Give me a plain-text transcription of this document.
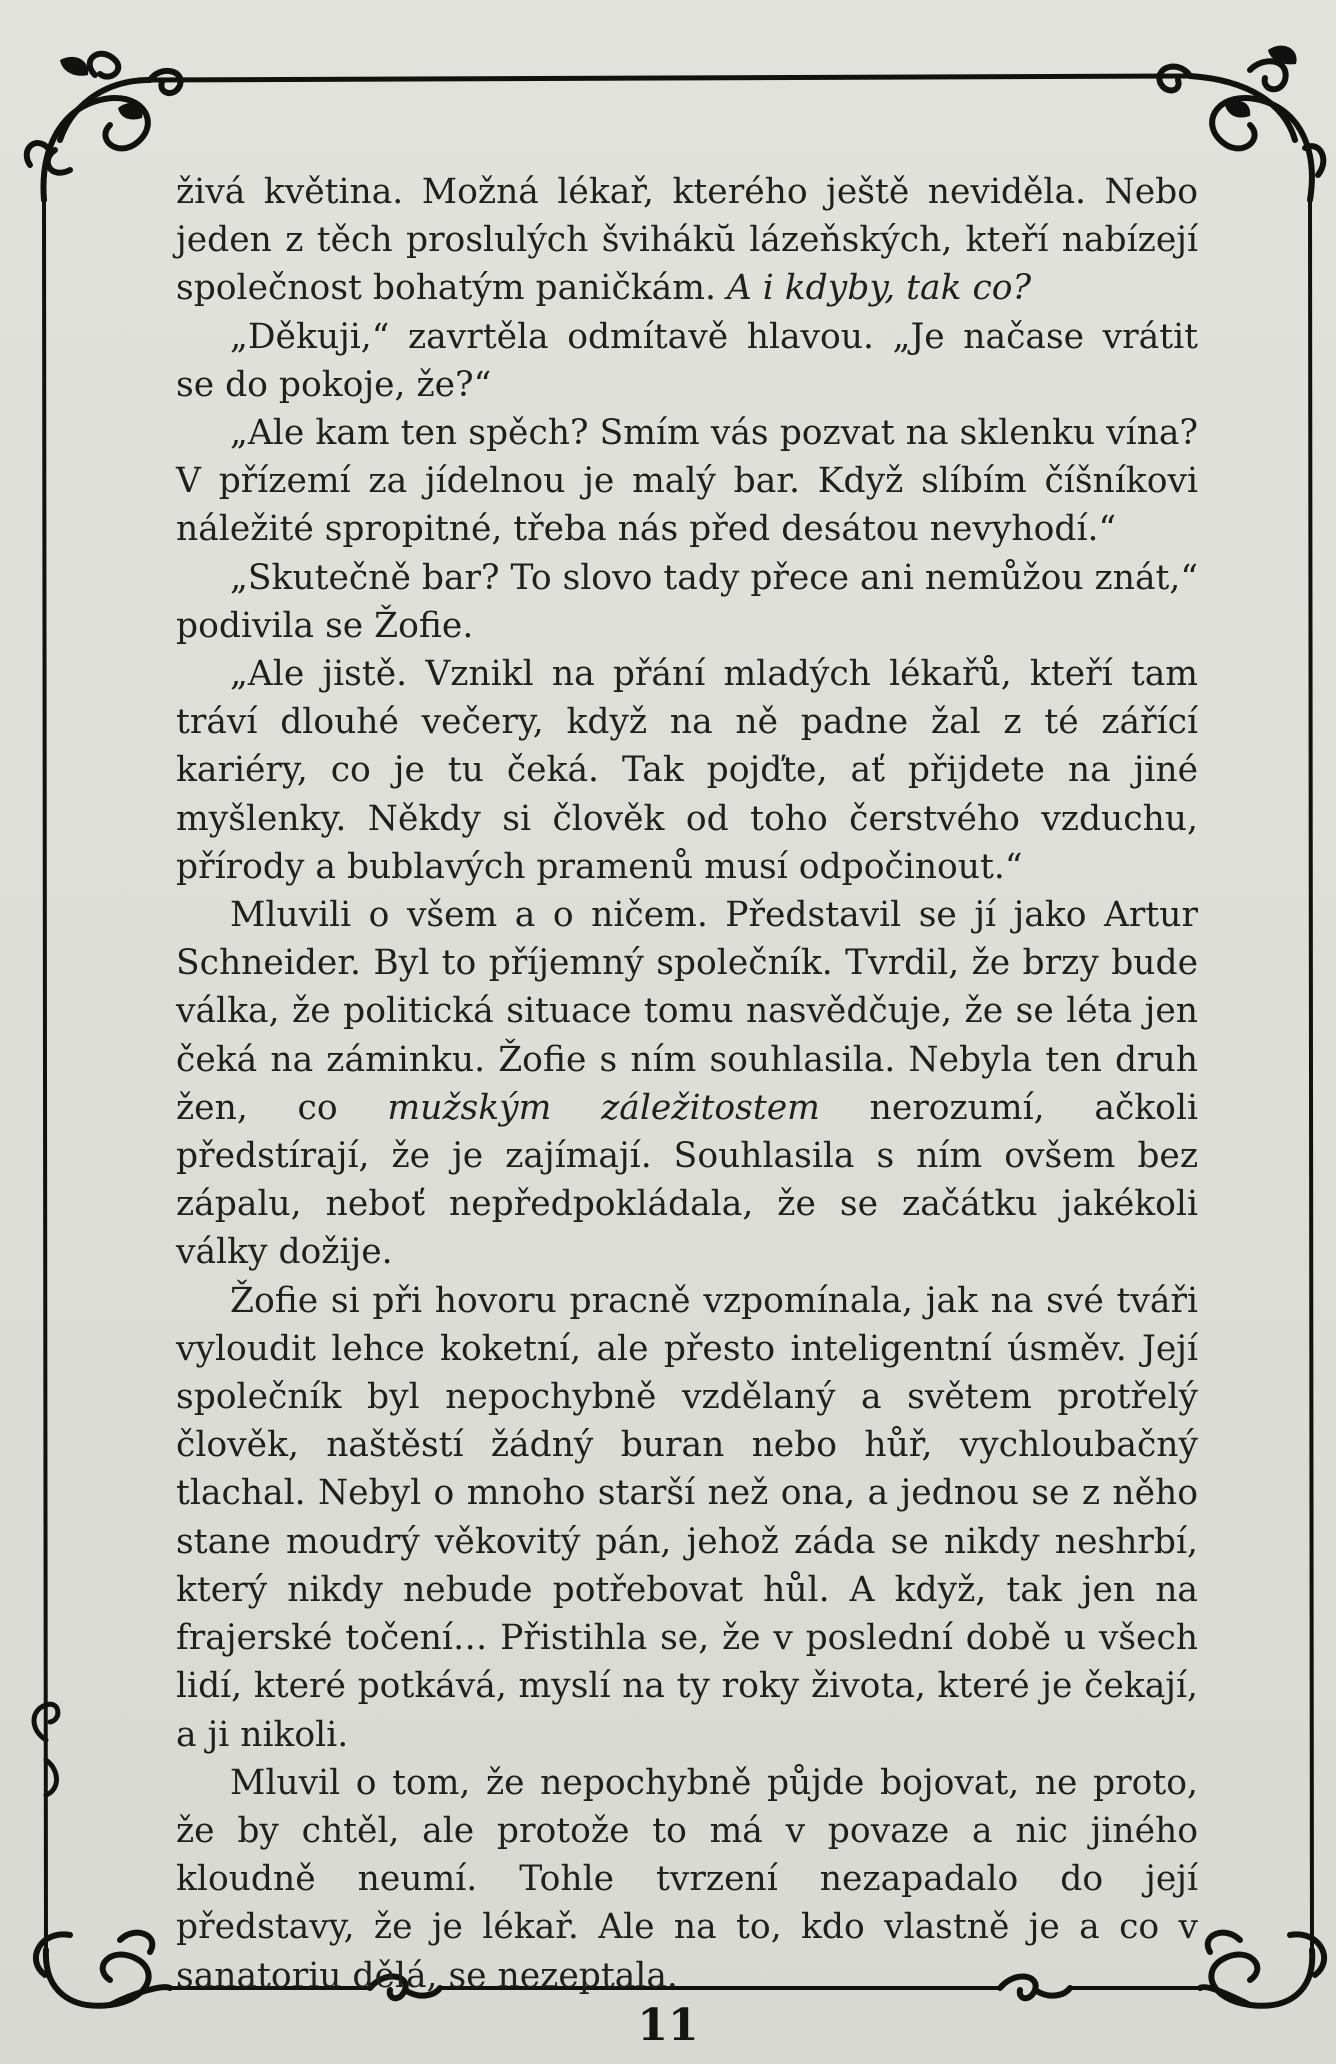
živá květina. Možná lékař, kterého ještě neviděla. Nebo jeden z těch proslulých švihákŭ lázeňských, kteří nabízejí společnost bohatým paničkám. A i kdyby, tak co?

„Děkuji,“ zavrtěla odmítavě hlavou. „Je načase vrátit se do pokoje, že?“

„Ale kam ten spěch? Smím vás pozvat na sklenku vína? V přízemí za jídelnou je malý bar. Když slíbím číšníkovi náležité spropitné, třeba nás před desátou nevyhodí.“

„Skutečně bar? To slovo tady přece ani nemůžou znát,“ podivila se Žofie.

„Ale jistě. Vznikl na přání mladých lékařů, kteří tam tráví dlouhé večery, když na ně padne žal z té zářící kariéry, co je tu čeká. Tak pojďte, ať přijdete na jiné myšlenky. Někdy si člověk od toho čerstvého vzduchu, přírody a bublavých pramenů musí odpočinout.“

Mluvili o všem a o ničem. Představil se jí jako Artur Schneider. Byl to příjemný společník. Tvrdil, že brzy bude válka, že politická situace tomu nasvědčuje, že se léta jen čeká na záminku. Žofie s ním souhlasila. Nebyla ten druh žen, co mužským záležitostem nerozumí, ačkoli předstírají, že je zajímají. Souhlasila s ním ovšem bez zápalu, neboť nepředpokládala, že se začátku jakékoli války dožije.

Žofie si při hovoru pracně vzpomínala, jak na své tváři vyloudit lehce koketní, ale přesto inteligentní úsměv. Její společník byl nepochybně vzdělaný a světem protřelý člověk, naštěstí žádný buran nebo hůř, vychloubačný tlachal. Nebyl o mnoho starší než ona, a jednou se z něho stane moudrý věkovitý pán, jehož záda se nikdy neshrbí, který nikdy nebude potřebovat hůl. A když, tak jen na frajerské točení… Přistihla se, že v poslední době u všech lidí, které potkává, myslí na ty roky života, které je čekají, a ji nikoli.

Mluvil o tom, že nepochybně půjde bojovat, ne proto, že by chtěl, ale protože to má v povaze a nic jiného kloudně neumí. Tohle tvrzení nezapadalo do její představy, že je lékař. Ale na to, kdo vlastně je a co v sanatoriu dělá, se nezeptala.

11
